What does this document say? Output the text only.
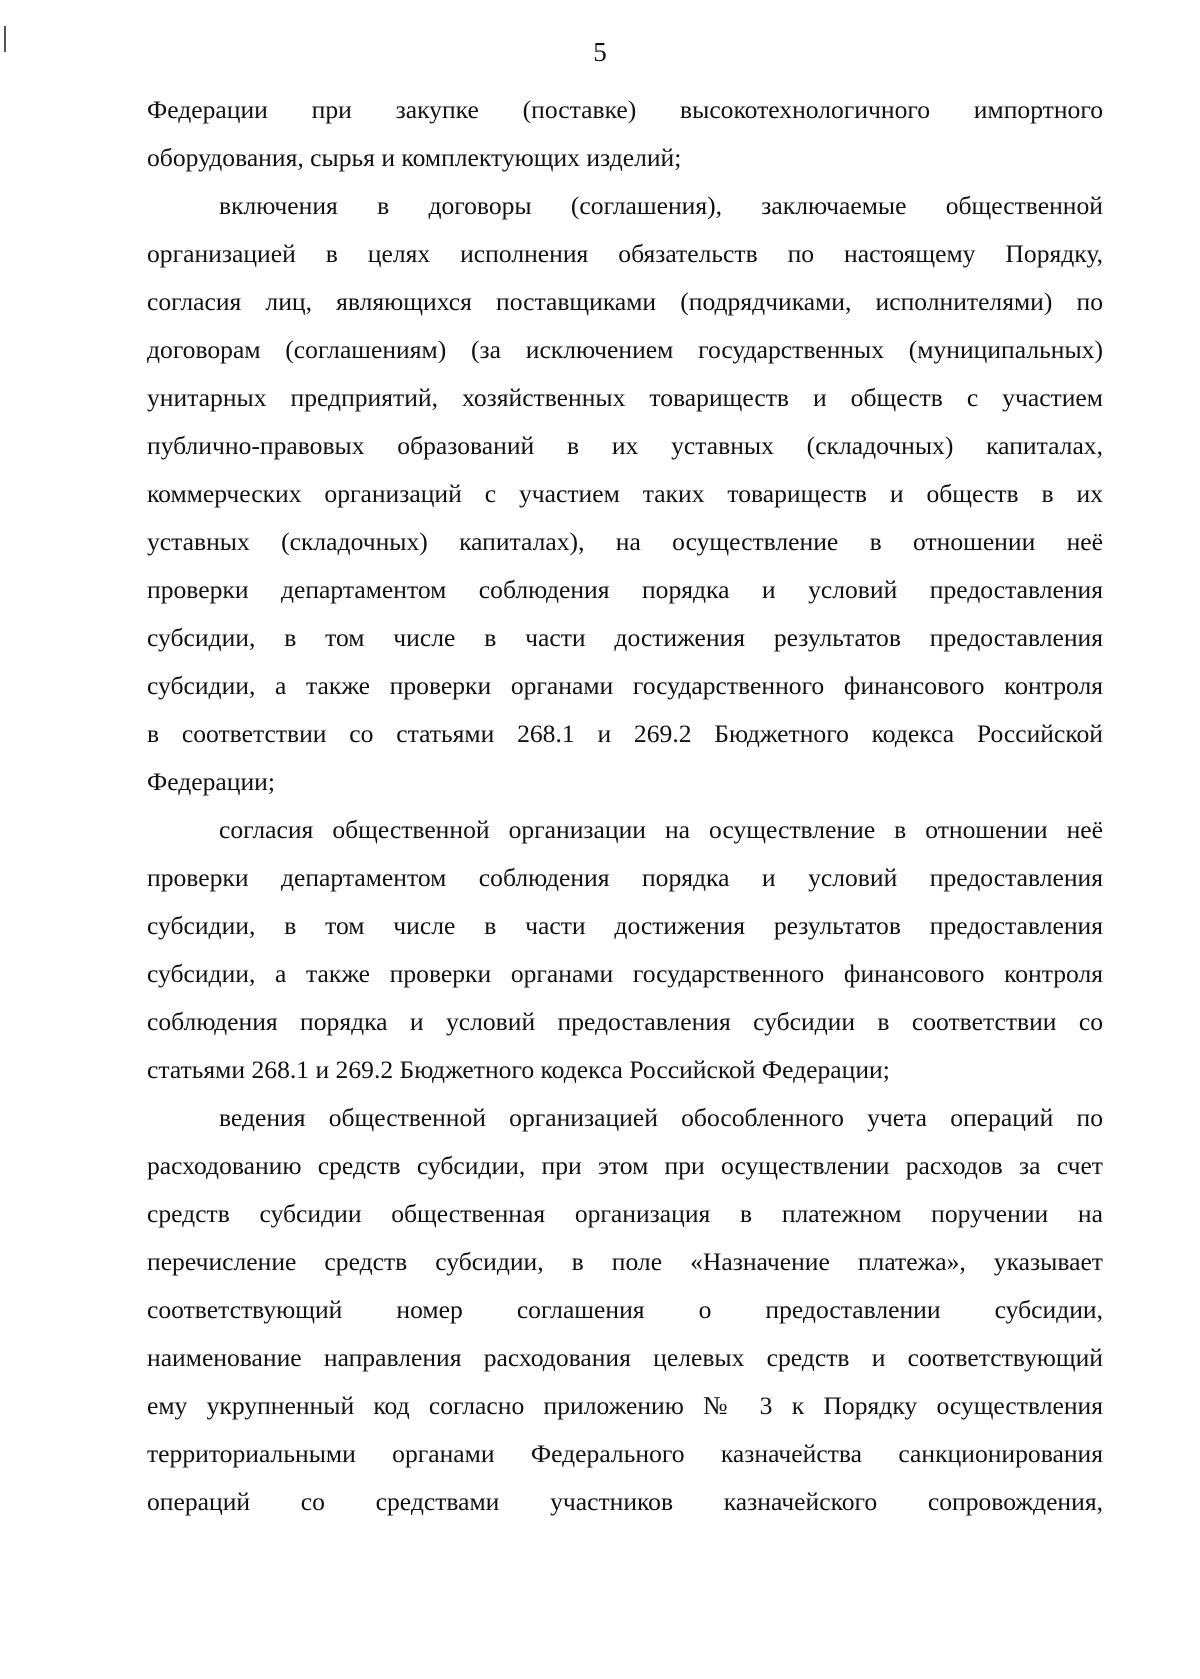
5
Федерации при закупке (поставке) высокотехнологичного импортного
оборудования, сырья и комплектующих изделий;
включения в договоры (соглашения), заключаемые общественной
организацией в целях исполнения обязательств по настоящему Порядку,
согласия лиц, являющихся поставщиками (подрядчиками, исполнителями) по
договорам (соглашениям) (за исключением государственных (муниципальных)
унитарных предприятий, хозяйственных товариществ и обществ с участием
публично-правовых образований в их уставных (складочных) капиталах,
коммерческих организаций с участием таких товариществ и обществ в их
уставных (складочных) капиталах), на осуществление в отношении неё
проверки департаментом соблюдения порядка и условий предоставления
субсидии, в том числе в части достижения результатов предоставления
субсидии, а также проверки органами государственного финансового контроля
в соответствии со статьями 268.1 и 269.2 Бюджетного кодекса Российской
Федерации;
согласия общественной организации на осуществление в отношении неё
проверки департаментом соблюдения порядка и условий предоставления
субсидии, в том числе в части достижения результатов предоставления
субсидии, а также проверки органами государственного финансового контроля
соблюдения порядка и условий предоставления субсидии в соответствии со
статьями 268.1 и 269.2 Бюджетного кодекса Российской Федерации;
ведения общественной организацией обособленного учета операций по
расходованию средств субсидии, при этом при осуществлении расходов за счет
средств субсидии общественная организация в платежном поручении на
перечисление средств субсидии, в поле «Назначение платежа», указывает
соответствующий номер соглашения о предоставлении субсидии,
наименование направления расходования целевых средств и соответствующий
ему укрупненный код согласно приложению № 3 к Порядку осуществления
территориальными органами Федерального казначейства санкционирования
операций со средствами участников казначейского сопровождения,
